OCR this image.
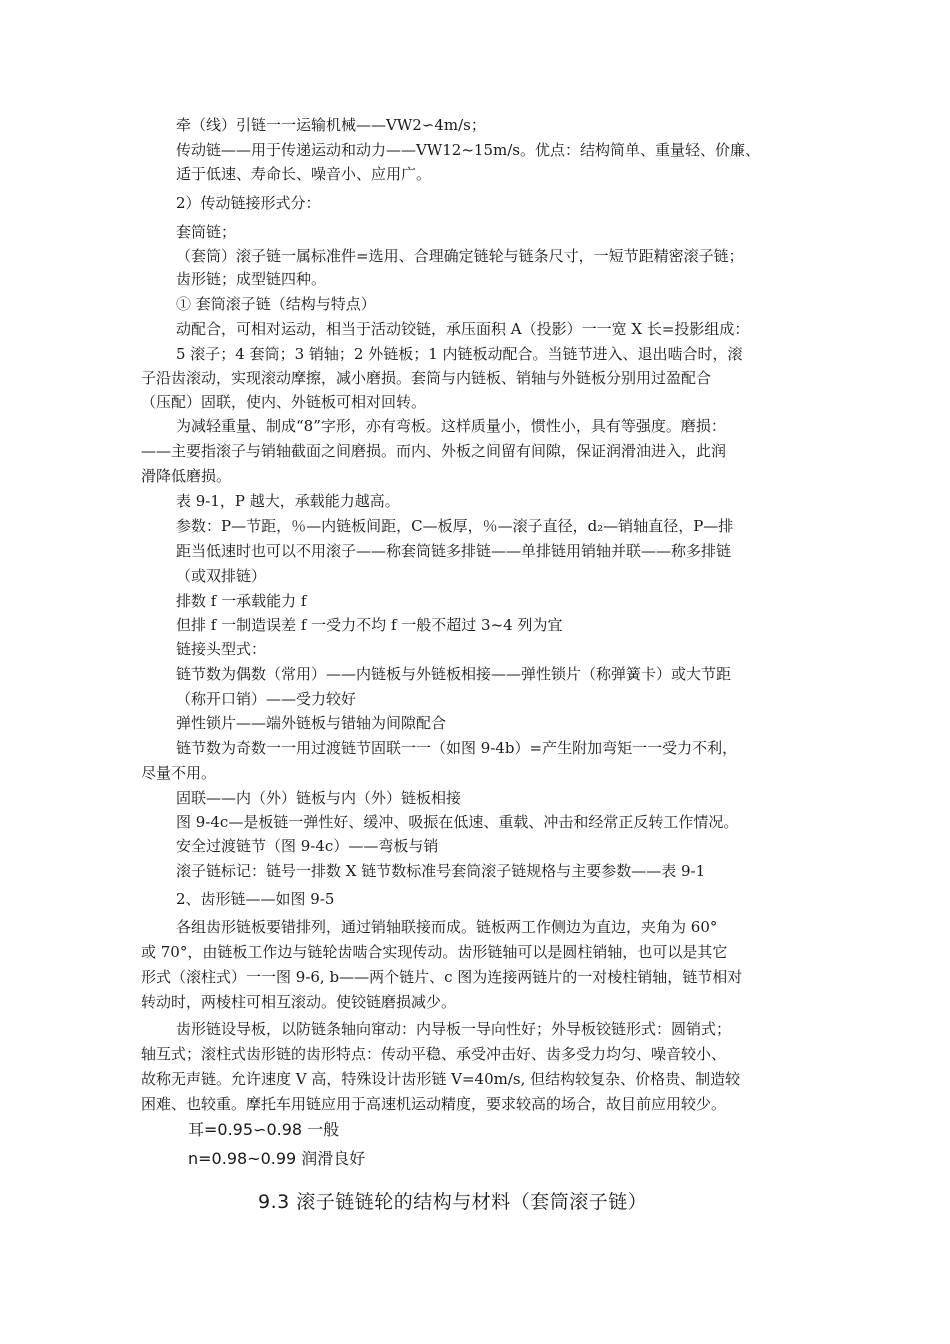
牵（线）引链一一运输机械——VW2∽4m/s；
传动链——用于传递运动和动力——VW12~15m/s。优点：结构简单、重量轻、价廉、
适于低速、寿命长、噪音小、应用广。
2）传动链接形式分：
套筒链；
（套筒）滚子链一属标准件=选用、合理确定链轮与链条尺寸，一短节距精密滚子链；
齿形链；成型链四种。
① 套筒滚子链（结构与特点）
动配合，可相对运动，相当于活动铰链，承压面积 A（投影）一一宽 X 长=投影组成：
5 滚子；4 套筒；3 销轴；2 外链板；1 内链板动配合。当链节进入、退出啮合时，滚
子沿齿滚动，实现滚动摩擦，减小磨损。套筒与内链板、销轴与外链板分别用过盈配合
（压配）固联，使内、外链板可相对回转。
为减轻重量、制成“8”字形，亦有弯板。这样质量小，惯性小，具有等强度。磨损：
——主要指滚子与销轴截面之间磨损。而内、外板之间留有间隙，保证润滑油进入，此润
滑降低磨损。
表 9-1，P 越大，承载能力越高。
参数：P—节距，％—内链板间距，C—板厚，％—滚子直径，d₂—销轴直径，P—排
距当低速时也可以不用滚子——称套筒链多排链——单排链用销轴并联——称多排链
（或双排链）
排数 f 一承载能力 f
但排 f 一制造误差 f 一受力不均 f 一般不超过 3~4 列为宜
链接头型式：
链节数为偶数（常用）——内链板与外链板相接——弹性锁片（称弹簧卡）或大节距
（称开口销）——受力较好
弹性锁片——端外链板与错轴为间隙配合
链节数为奇数一一用过渡链节固联一一（如图 9-4b）=产生附加弯矩一一受力不利，
尽量不用。
固联——内（外）链板与内（外）链板相接
图 9-4c—是板链一弹性好、缓冲、吸振在低速、重载、冲击和经常正反转工作情况。
安全过渡链节（图 9-4c）——弯板与销
滚子链标记：链号一排数 X 链节数标准号套筒滚子链规格与主要参数——表 9-1
2、齿形链——如图 9-5
各组齿形链板要错排列，通过销轴联接而成。链板两工作侧边为直边，夹角为 60°
或 70°，由链板工作边与链轮齿啮合实现传动。齿形链轴可以是圆柱销轴，也可以是其它
形式（滚柱式）一一图 9-6, b——两个链片、c 图为连接两链片的一对棱柱销轴，链节相对
转动时，两棱柱可相互滚动。使铰链磨损减少。
齿形链设导板，以防链条轴向窜动：内导板一导向性好；外导板铰链形式：圆销式；
轴互式；滚柱式齿形链的齿形特点：传动平稳、承受冲击好、齿多受力均匀、噪音较小、
故称无声链。允许速度 V 高，特殊设计齿形链 V=40m/s, 但结构较复杂、价格贵、制造较
困难、也较重。摩托车用链应用于高速机运动精度，要求较高的场合，故目前应用较少。
耳=0.95∽0.98 一般
n=0.98~0.99 润滑良好
9.3 滚子链链轮的结构与材料（套筒滚子链）
